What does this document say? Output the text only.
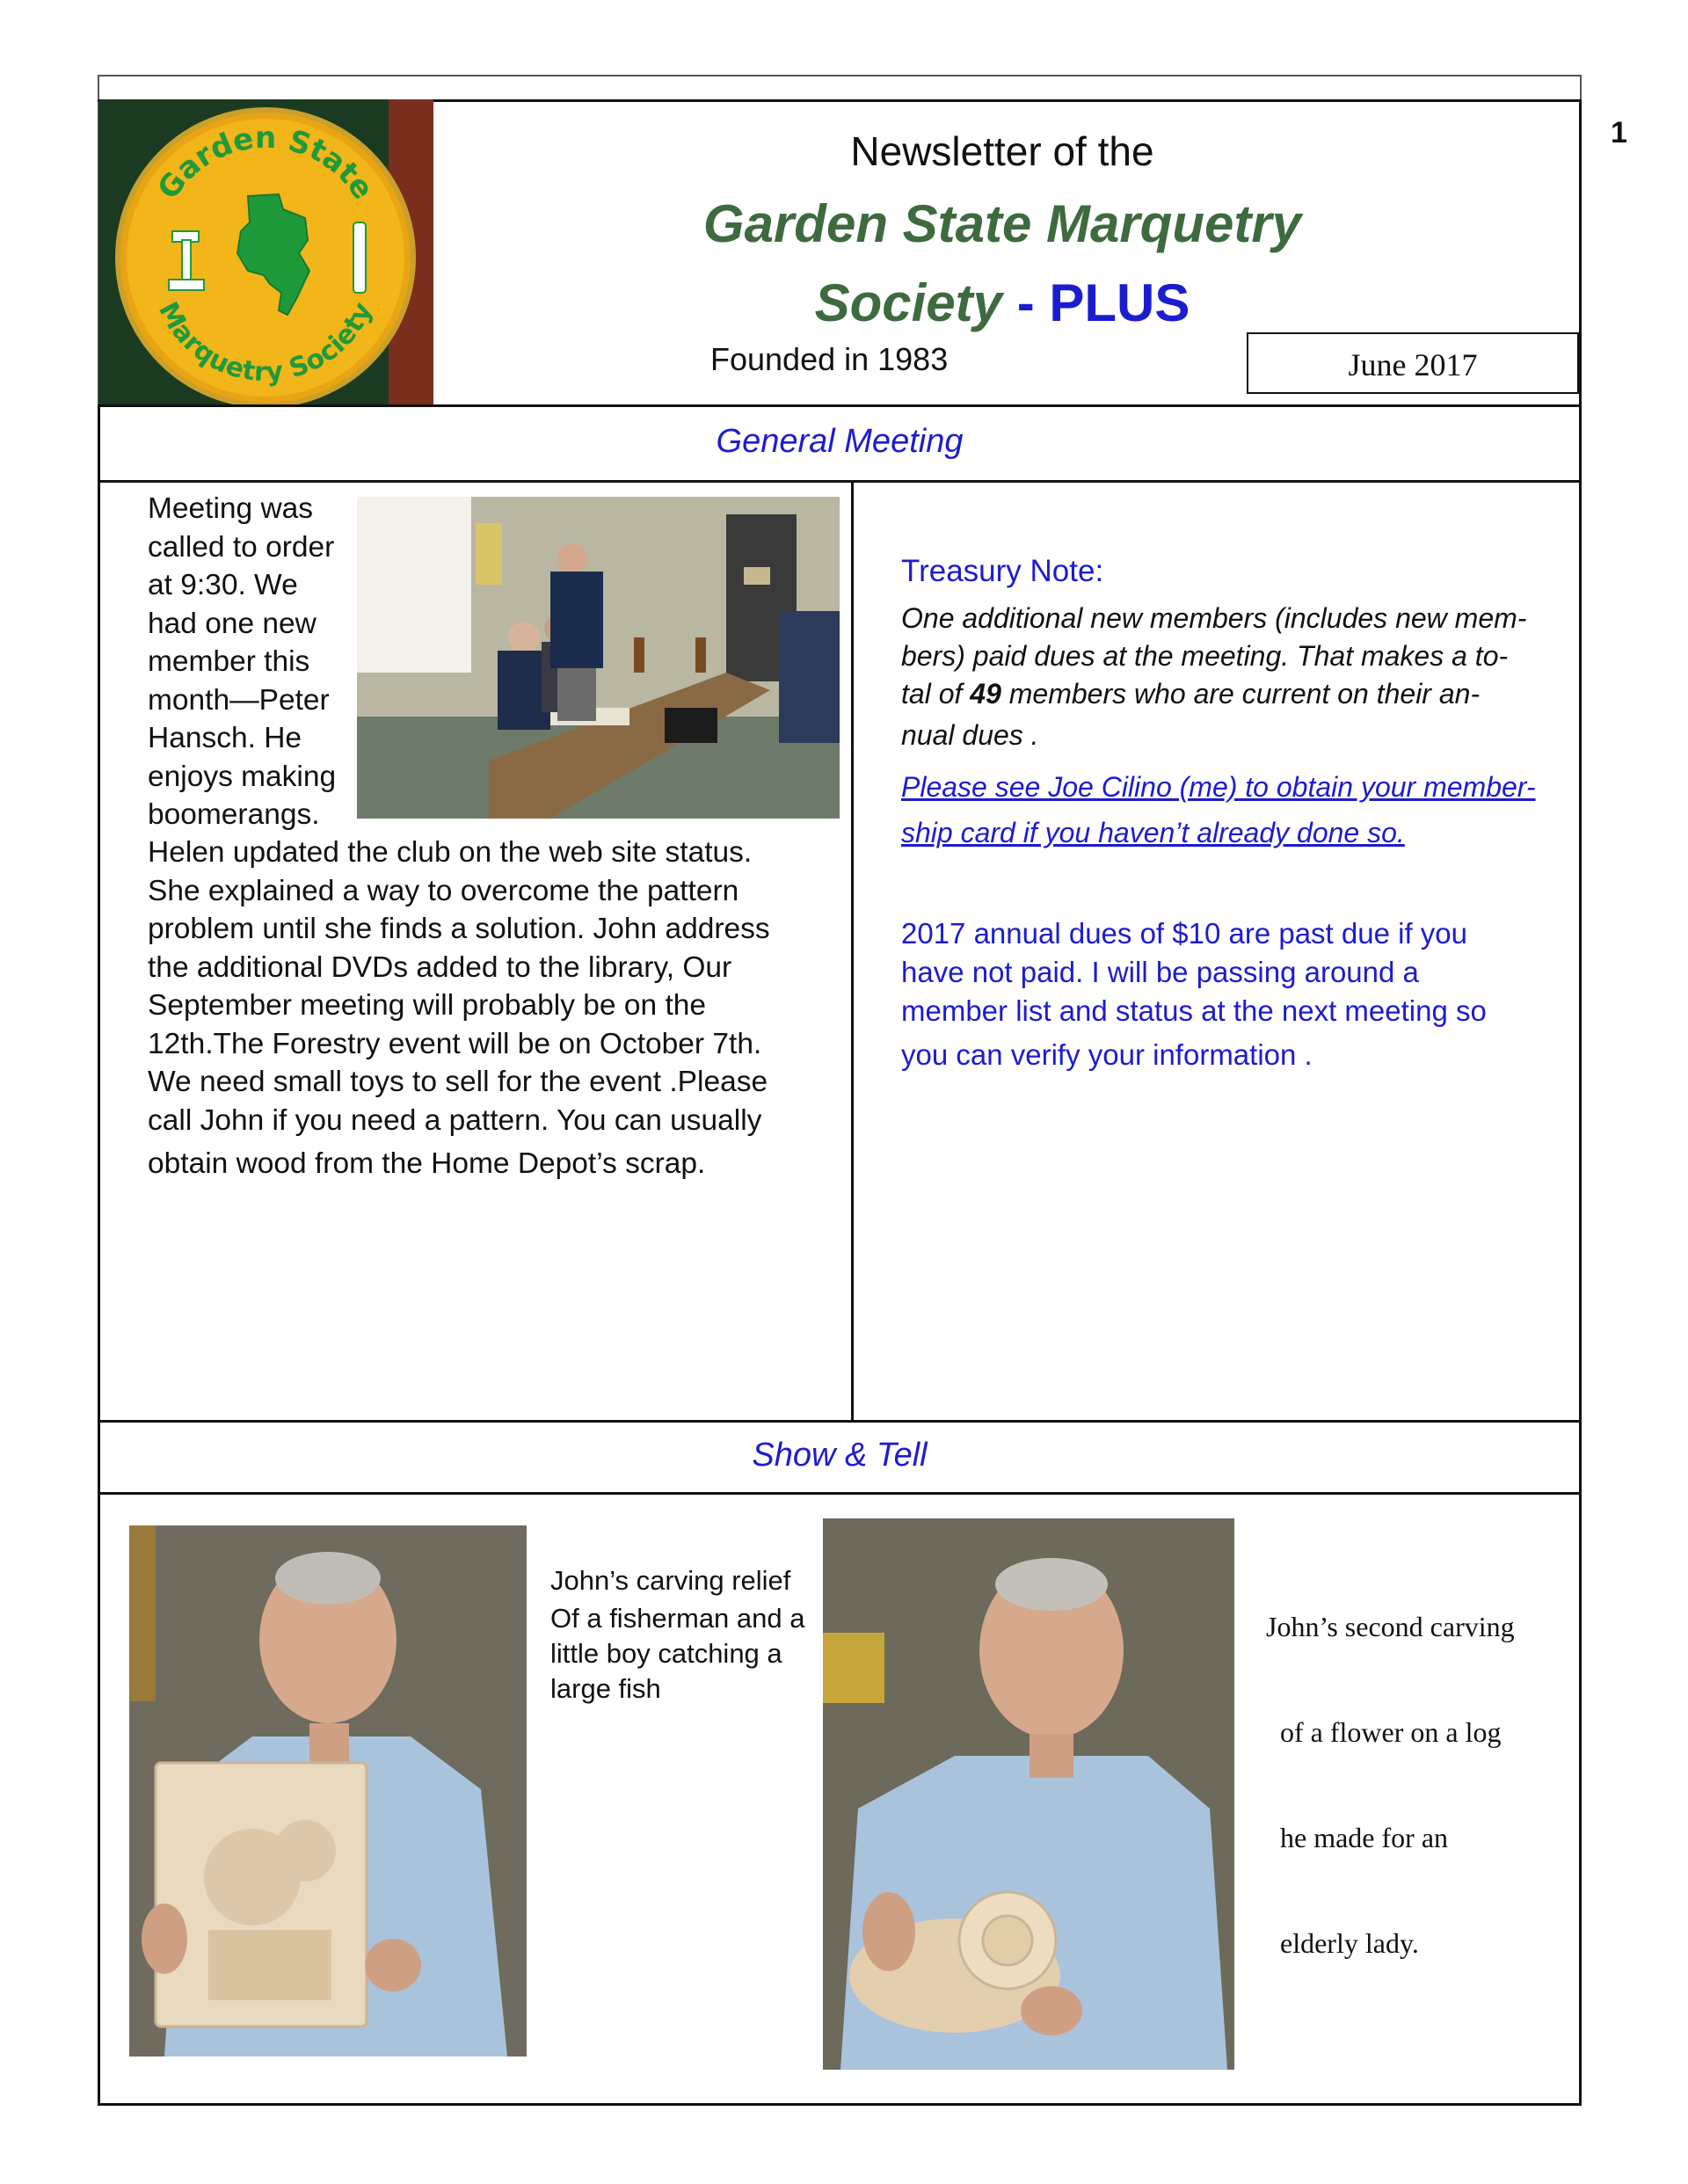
Garden State
Marquetry Society
Newsletter of the
Garden State Marquetry
Society - PLUS
Founded in 1983	June 2017
1
General Meeting
Meeting was
called to order
at 9:30. We
had one new
member this
month—Peter
Hansch. He
enjoys making
boomerangs.
Helen updated the club on the web site status.
She explained a way to overcome the pattern
problem until she finds a solution. John address
the additional DVDs added to the library, Our
September meeting will probably be on the
12th.The Forestry event will be on October 7th.
We need small toys to sell for the event .Please
call John if you need a pattern. You can usually
obtain wood from the Home Depot’s scrap.
Treasury Note:
One additional new members (includes new mem-
bers) paid dues at the meeting. That makes a to-
tal of 49 members who are current on their an-
nual dues .
Please see Joe Cilino (me) to obtain your member-
ship card if you haven’t already done so.
2017 annual dues of $10 are past due if you
have not paid. I will be passing around a
member list and status at the next meeting so
you can verify your information .
Show & Tell
John’s carving relief
Of a fisherman and a
little boy catching a
large fish

John’s second carving

of a flower on a log

he made for an

elderly lady.
